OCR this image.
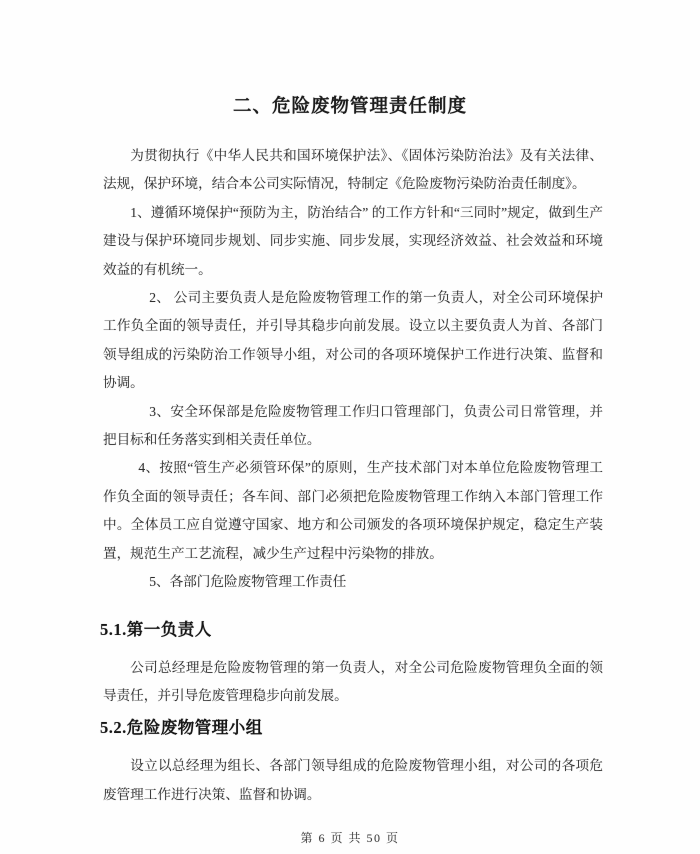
二、危险废物管理责任制度

为贯彻执行《中华人民共和国环境保护法》、《固体污染防治法》及有关法律、法规，保护环境，结合本公司实际情况，特制定《危险废物污染防治责任制度》。

1、遵循环境保护“预防为主，防治结合” 的工作方针和“三同时”规定，做到生产建设与保护环境同步规划、同步实施、同步发展，实现经济效益、社会效益和环境效益的有机统一。

2、 公司主要负责人是危险废物管理工作的第一负责人，对全公司环境保护工作负全面的领导责任，并引导其稳步向前发展。设立以主要负责人为首、各部门领导组成的污染防治工作领导小组，对公司的各项环境保护工作进行决策、监督和协调。

3、安全环保部是危险废物管理工作归口管理部门，负责公司日常管理，并把目标和任务落实到相关责任单位。

4、按照“管生产必须管环保”的原则，生产技术部门对本单位危险废物管理工作负全面的领导责任；各车间、部门必须把危险废物管理工作纳入本部门管理工作中。全体员工应自觉遵守国家、地方和公司颁发的各项环境保护规定，稳定生产装置，规范生产工艺流程，减少生产过程中污染物的排放。

5、各部门危险废物管理工作责任

5.1.第一负责人

公司总经理是危险废物管理的第一负责人，对全公司危险废物管理负全面的领导责任，并引导危废管理稳步向前发展。

5.2.危险废物管理小组

设立以总经理为组长、各部门领导组成的危险废物管理小组，对公司的各项危废管理工作进行决策、监督和协调。

第 6 页 共 50 页
